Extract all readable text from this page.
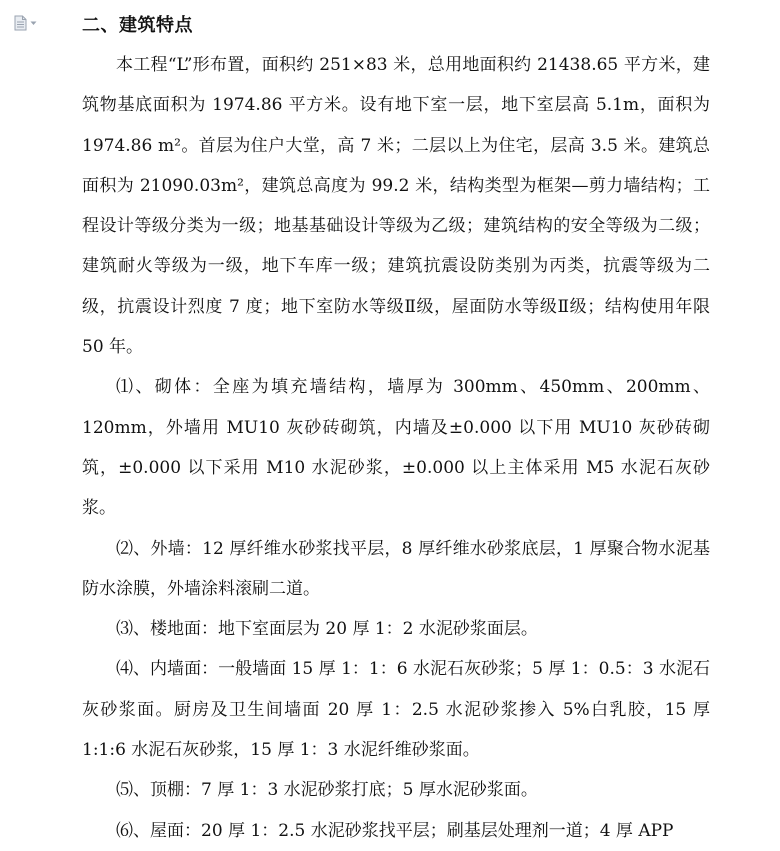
二、建筑特点

本工程“L”形布置，面积约 251×83 米，总用地面积约 21438.65 平方米，建筑物基底面积为 1974.86 平方米。设有地下室一层，地下室层高 5.1m，面积为 1974.86 m²。首层为住户大堂，高 7 米；二层以上为住宅，层高 3.5 米。建筑总面积为 21090.03m²，建筑总高度为 99.2 米，结构类型为框架—剪力墙结构；工程设计等级分类为一级；地基基础设计等级为乙级；建筑结构的安全等级为二级；建筑耐火等级为一级，地下车库一级；建筑抗震设防类别为丙类，抗震等级为二级，抗震设计烈度 7 度；地下室防水等级Ⅱ级，屋面防水等级Ⅱ级；结构使用年限 50 年。

⑴、砌体：全座为填充墙结构，墙厚为 300mm、450mm、200mm、120mm，外墙用 MU10 灰砂砖砌筑，内墙及±0.000 以下用 MU10 灰砂砖砌筑，±0.000 以下采用 M10 水泥砂浆，±0.000 以上主体采用 M5 水泥石灰砂浆。

⑵、外墙：12 厚纤维水砂浆找平层，8 厚纤维水砂浆底层，1 厚聚合物水泥基防水涂膜，外墙涂料滚刷二道。

⑶、楼地面：地下室面层为 20 厚 1：2 水泥砂浆面层。

⑷、内墙面：一般墙面 15 厚 1：1：6 水泥石灰砂浆；5 厚 1：0.5：3 水泥石灰砂浆面。厨房及卫生间墙面 20 厚 1：2.5 水泥砂浆掺入 5%白乳胶，15 厚 1:1:6 水泥石灰砂浆，15 厚 1：3 水泥纤维砂浆面。

⑸、顶棚：7 厚 1：3 水泥砂浆打底；5 厚水泥砂浆面。

⑹、屋面：20 厚 1：2.5 水泥砂浆找平层；刷基层处理剂一道；4 厚 APP
